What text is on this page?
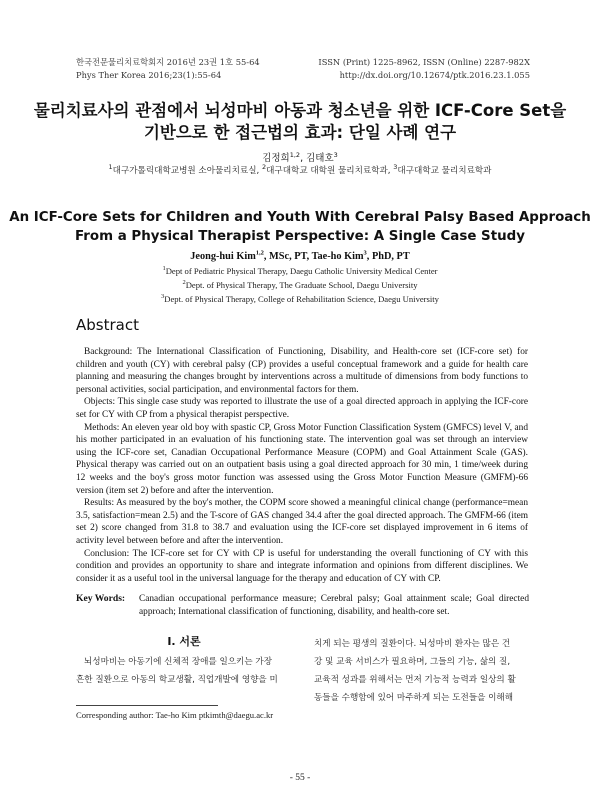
한국전문물리치료학회지 2016년 23권 1호 55-64
Phys Ther Korea 2016;23(1):55-64
ISSN (Print) 1225-8962, ISSN (Online) 2287-982X
http://dx.doi.org/10.12674/ptk.2016.23.1.055
물리치료사의 관점에서 뇌성마비 아동과 청소년을 위한 ICF-Core Set을
기반으로 한 접근법의 효과: 단일 사례 연구
김정희$^{1,2}$, 김태호$^3$
$^1$대구가톨릭대학교병원 소아물리치료실, $^2$대구대학교 대학원 물리치료학과, $^3$대구대학교 물리치료학과
An ICF-Core Sets for Children and Youth With Cerebral Palsy Based Approach
From a Physical Therapist Perspective: A Single Case Study
Jeong-hui Kim$^{1,2}$, MSc, PT, Tae-ho Kim$^3$, PhD, PT
$^1$Dept of Pediatric Physical Therapy, Daegu Catholic University Medical Center
$^2$Dept. of Physical Therapy, The Graduate School, Daegu University
$^3$Dept. of Physical Therapy, College of Rehabilitation Science, Daegu University
Abstract

Background: The International Classification of Functioning, Disability, and Health-core set (ICF-core set) for children and youth (CY) with cerebral palsy (CP) provides a useful conceptual framework and a guide for health care planning and measuring the changes brought by interventions across a multitude of dimensions from body functions to personal activities, social participation, and environmental factors for them.

Objects: This single case study was reported to illustrate the use of a goal directed approach in applying the ICF-core set for CY with CP from a physical therapist perspective.

Methods: An eleven year old boy with spastic CP, Gross Motor Function Classification System (GMFCS) level V, and his mother participated in an evaluation of his functioning state. The intervention goal was set through an interview using the ICF-core set, Canadian Occupational Performance Measure (COPM) and Goal Attainment Scale (GAS). Physical therapy was carried out on an outpatient basis using a goal directed approach for 30 min, 1 time/week during 12 weeks and the boy's gross motor function was assessed using the Gross Motor Function Measure (GMFM)-66 version (item set 2) before and after the intervention.

Results: As measured by the boy's mother, the COPM score showed a meaningful clinical change (performance=mean 3.5, satisfaction=mean 2.5) and the T-score of GAS changed 34.4 after the goal directed approach. The GMFM-66 (item set 2) score changed from 31.8 to 38.7 and evaluation using the ICF-core set displayed improvement in 6 items of activity level between before and after the intervention.

Conclusion: The ICF-core set for CY with CP is useful for understanding the overall functioning of CY with this condition and provides an opportunity to share and integrate information and opinions from different disciplines. We consider it as a useful tool in the universal language for the therapy and education of CY with CP.

Key Words: Canadian occupational performance measure; Cerebral palsy; Goal attainment scale; Goal directed approach; International classification of functioning, disability, and health-core set.
Ⅰ. 서론
뇌성마비는 아동기에 신체적 장애를 일으키는 가장
흔한 질환으로 아동의 학교생활, 직업개발에 영향을 미
치게 되는 평생의 질환이다. 뇌성마비 환자는 많은 건
강 및 교육 서비스가 필요하며, 그들의 기능, 삶의 질,
교육적 성과를 위해서는 먼저 기능적 능력과 일상의 활
동들을 수행함에 있어 마주하게 되는 도전들을 이해해
Corresponding author: Tae-ho Kim ptkimth@daegu.ac.kr
- 55 -
